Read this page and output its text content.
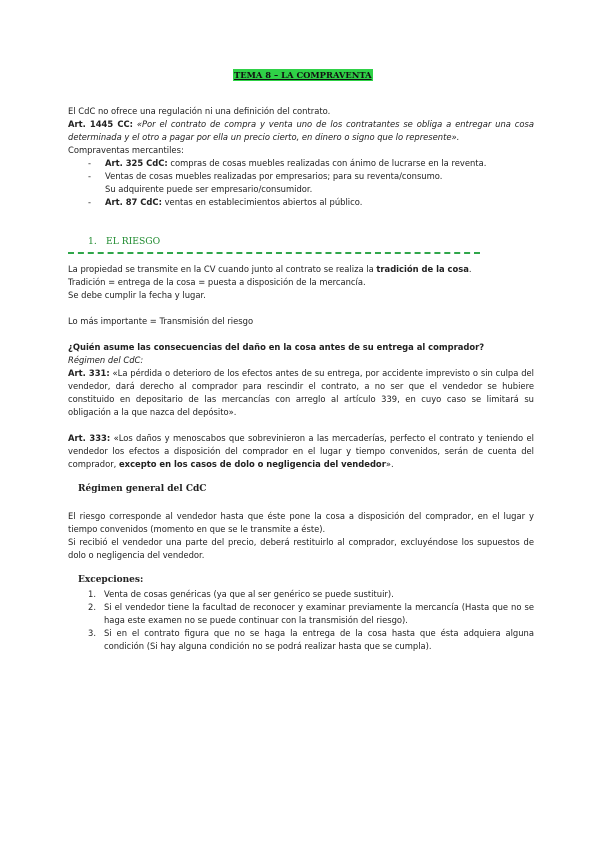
TEMA 8 – LA COMPRAVENTA
El CdC no ofrece una regulación ni una definición del contrato.
Art. 1445 CC: «Por el contrato de compra y venta uno de los contratantes se obliga a entregar una cosa
determinada y el otro a pagar por ella un precio cierto, en dinero o signo que lo represente».
Compraventas mercantiles:
- Art. 325 CdC: compras de cosas muebles realizadas con ánimo de lucrarse en la reventa.
- Ventas de cosas muebles realizadas por empresarios; para su reventa/consumo.
Su adquirente puede ser empresario/consumidor.
- Art. 87 CdC: ventas en establecimientos abiertos al público.
1. EL RIESGO
La propiedad se transmite en la CV cuando junto al contrato se realiza la tradición de la cosa.
Tradición = entrega de la cosa = puesta a disposición de la mercancía.
Se debe cumplir la fecha y lugar.
Lo más importante = Transmisión del riesgo
¿Quién asume las consecuencias del daño en la cosa antes de su entrega al comprador?
Régimen del CdC:
Art. 331: «La pérdida o deterioro de los efectos antes de su entrega, por accidente imprevisto o sin culpa del
vendedor, dará derecho al comprador para rescindir el contrato, a no ser que el vendedor se hubiere
constituido en depositario de las mercancías con arreglo al artículo 339, en cuyo caso se limitará su
obligación a la que nazca del depósito».
Art. 333: «Los daños y menoscabos que sobrevinieron a las mercaderías, perfecto el contrato y teniendo el
vendedor los efectos a disposición del comprador en el lugar y tiempo convenidos, serán de cuenta del
comprador, excepto en los casos de dolo o negligencia del vendedor».
Régimen general del CdC
El riesgo corresponde al vendedor hasta que éste pone la cosa a disposición del comprador, en el lugar y
tiempo convenidos (momento en que se le transmite a éste).
Si recibió el vendedor una parte del precio, deberá restituirlo al comprador, excluyéndose los supuestos de
dolo o negligencia del vendedor.
Excepciones:
1. Venta de cosas genéricas (ya que al ser genérico se puede sustituir).
2. Si el vendedor tiene la facultad de reconocer y examinar previamente la mercancía (Hasta que no se
haga este examen no se puede continuar con la transmisión del riesgo).
3. Si en el contrato figura que no se haga la entrega de la cosa hasta que ésta adquiera alguna
condición (Si hay alguna condición no se podrá realizar hasta que se cumpla).
